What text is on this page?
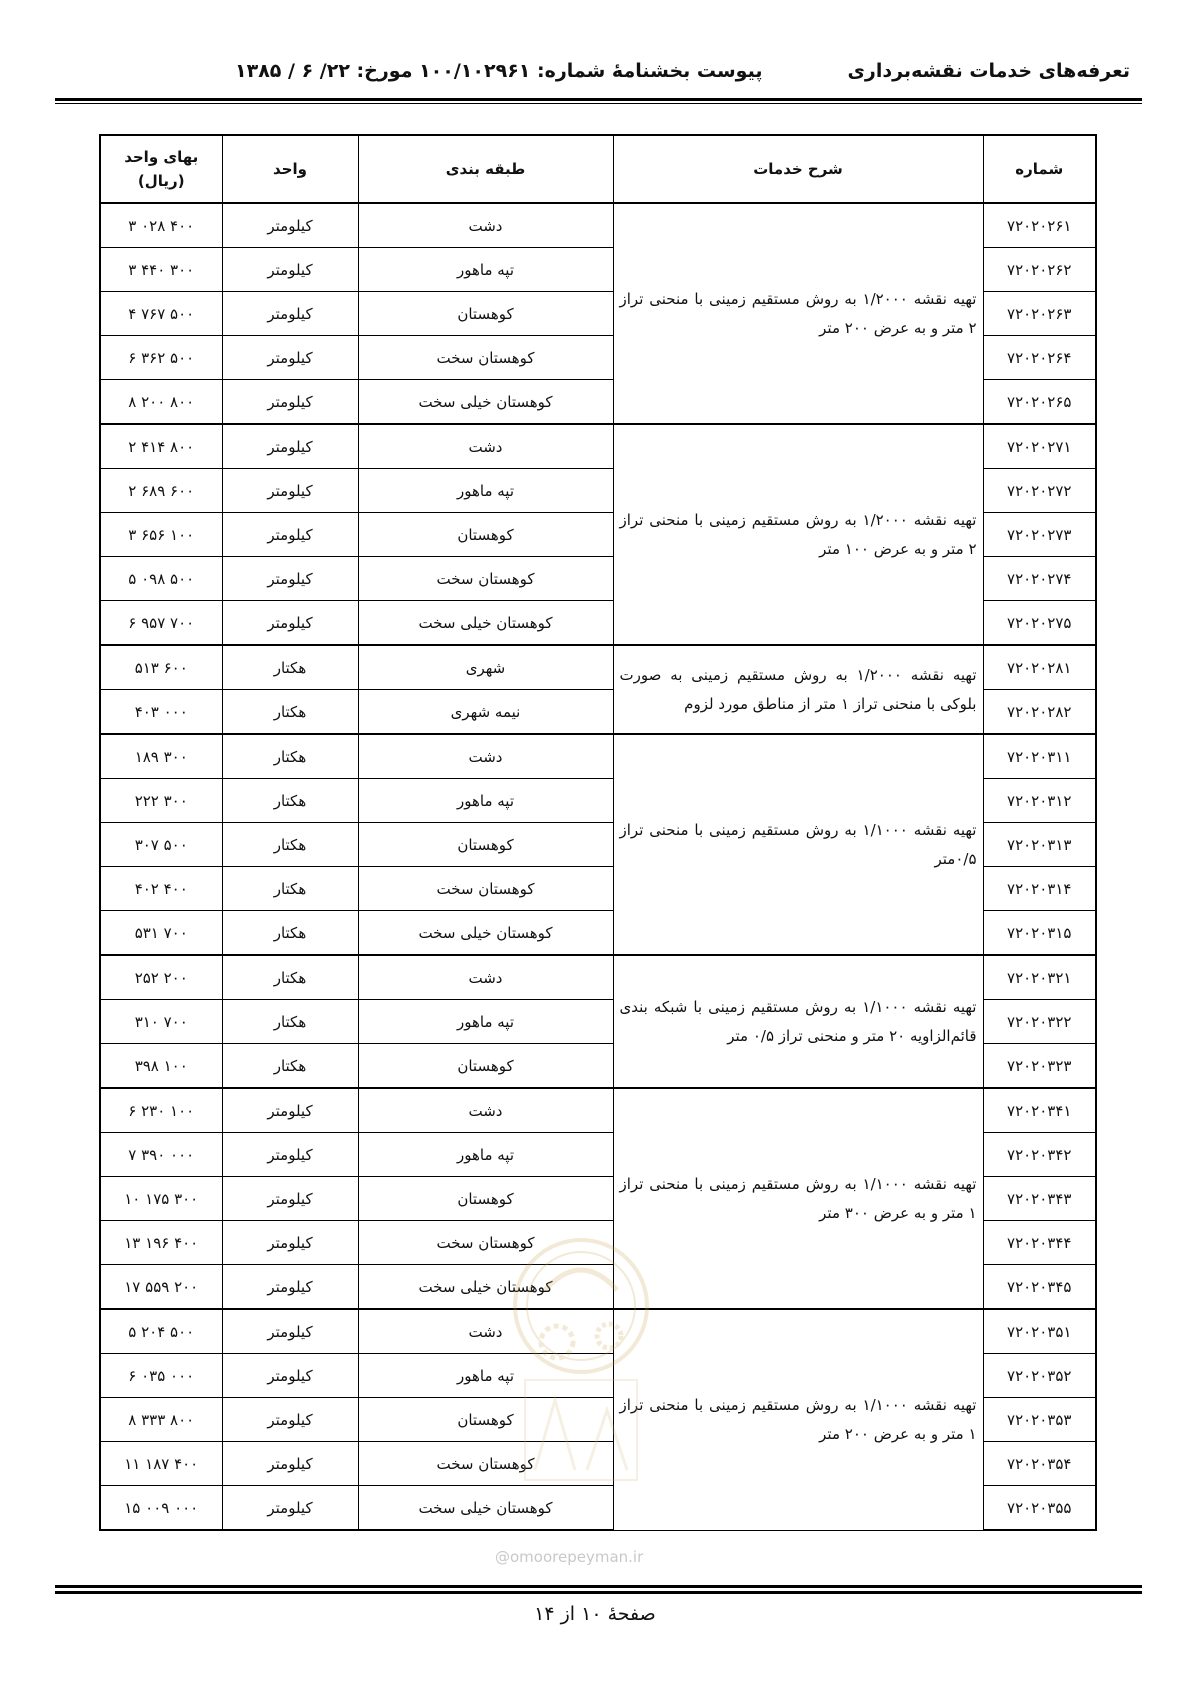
تعرفه‌های خدمات نقشه‌برداری
پیوست بخشنامهٔ شماره: ۱۰۰/۱۰۲۹۶۱ مورخ: ۲۲/ ۶ / ۱۳۸۵
شماره	شرح خدمات	طبقه بندی	واحد	بهای واحد
(ریال)

۷۲۰۲۰۲۶۱	تهیه نقشه ۱/۲۰۰۰ به روش مستقیم زمینی با منحنی تراز ۲ متر و به عرض ۲۰۰ متر	دشت	کیلومتر	۳ ۰۲۸ ۴۰۰
۷۲۰۲۰۲۶۲		تپه ماهور	کیلومتر	۳ ۴۴۰ ۳۰۰
۷۲۰۲۰۲۶۳		کوهستان	کیلومتر	۴ ۷۶۷ ۵۰۰
۷۲۰۲۰۲۶۴		کوهستان سخت	کیلومتر	۶ ۳۶۲ ۵۰۰
۷۲۰۲۰۲۶۵		کوهستان خیلی سخت	کیلومتر	۸ ۲۰۰ ۸۰۰
۷۲۰۲۰۲۷۱	تهیه نقشه ۱/۲۰۰۰ به روش مستقیم زمینی با منحنی تراز ۲ متر و به عرض ۱۰۰ متر	دشت	کیلومتر	۲ ۴۱۴ ۸۰۰
۷۲۰۲۰۲۷۲		تپه ماهور	کیلومتر	۲ ۶۸۹ ۶۰۰
۷۲۰۲۰۲۷۳		کوهستان	کیلومتر	۳ ۶۵۶ ۱۰۰
۷۲۰۲۰۲۷۴		کوهستان سخت	کیلومتر	۵ ۰۹۸ ۵۰۰
۷۲۰۲۰۲۷۵		کوهستان خیلی سخت	کیلومتر	۶ ۹۵۷ ۷۰۰
۷۲۰۲۰۲۸۱	تهیه نقشه ۱/۲۰۰۰ به روش مستقیم زمینی به صورت بلوکی با منحنی تراز ۱ متر از مناطق مورد لزوم	شهری	هکتار	۵۱۳ ۶۰۰
۷۲۰۲۰۲۸۲		نیمه شهری	هکتار	۴۰۳ ۰۰۰
۷۲۰۲۰۳۱۱	تهیه نقشه ۱/۱۰۰۰ به روش مستقیم زمینی با منحنی تراز ۰/۵متر	دشت	هکتار	۱۸۹ ۳۰۰
۷۲۰۲۰۳۱۲		تپه ماهور	هکتار	۲۲۲ ۳۰۰
۷۲۰۲۰۳۱۳		کوهستان	هکتار	۳۰۷ ۵۰۰
۷۲۰۲۰۳۱۴		کوهستان سخت	هکتار	۴۰۲ ۴۰۰
۷۲۰۲۰۳۱۵		کوهستان خیلی سخت	هکتار	۵۳۱ ۷۰۰
۷۲۰۲۰۳۲۱	تهیه نقشه ۱/۱۰۰۰ به روش مستقیم زمینی با شبکه بندی قائم‌الزاویه ۲۰ متر و منحنی تراز ۰/۵ متر	دشت	هکتار	۲۵۲ ۲۰۰
۷۲۰۲۰۳۲۲		تپه ماهور	هکتار	۳۱۰ ۷۰۰
۷۲۰۲۰۳۲۳		کوهستان	هکتار	۳۹۸ ۱۰۰
۷۲۰۲۰۳۴۱	تهیه نقشه ۱/۱۰۰۰ به روش مستقیم زمینی با منحنی تراز ۱ متر و به عرض ۳۰۰ متر	دشت	کیلومتر	۶ ۲۳۰ ۱۰۰
۷۲۰۲۰۳۴۲		تپه ماهور	کیلومتر	۷ ۳۹۰ ۰۰۰
۷۲۰۲۰۳۴۳		کوهستان	کیلومتر	۱۰ ۱۷۵ ۳۰۰
۷۲۰۲۰۳۴۴		کوهستان سخت	کیلومتر	۱۳ ۱۹۶ ۴۰۰
۷۲۰۲۰۳۴۵		کوهستان خیلی سخت	کیلومتر	۱۷ ۵۵۹ ۲۰۰
۷۲۰۲۰۳۵۱	تهیه نقشه ۱/۱۰۰۰ به روش مستقیم زمینی با منحنی تراز ۱ متر و به عرض ۲۰۰ متر	دشت	کیلومتر	۵ ۲۰۴ ۵۰۰
۷۲۰۲۰۳۵۲		تپه ماهور	کیلومتر	۶ ۰۳۵ ۰۰۰
۷۲۰۲۰۳۵۳		کوهستان	کیلومتر	۸ ۳۳۳ ۸۰۰
۷۲۰۲۰۳۵۴		کوهستان سخت	کیلومتر	۱۱ ۱۸۷ ۴۰۰
۷۲۰۲۰۳۵۵		کوهستان خیلی سخت	کیلومتر	۱۵ ۰۰۹ ۰۰۰
@omoorepeyman.ir
صفحهٔ ۱۰ از ۱۴
